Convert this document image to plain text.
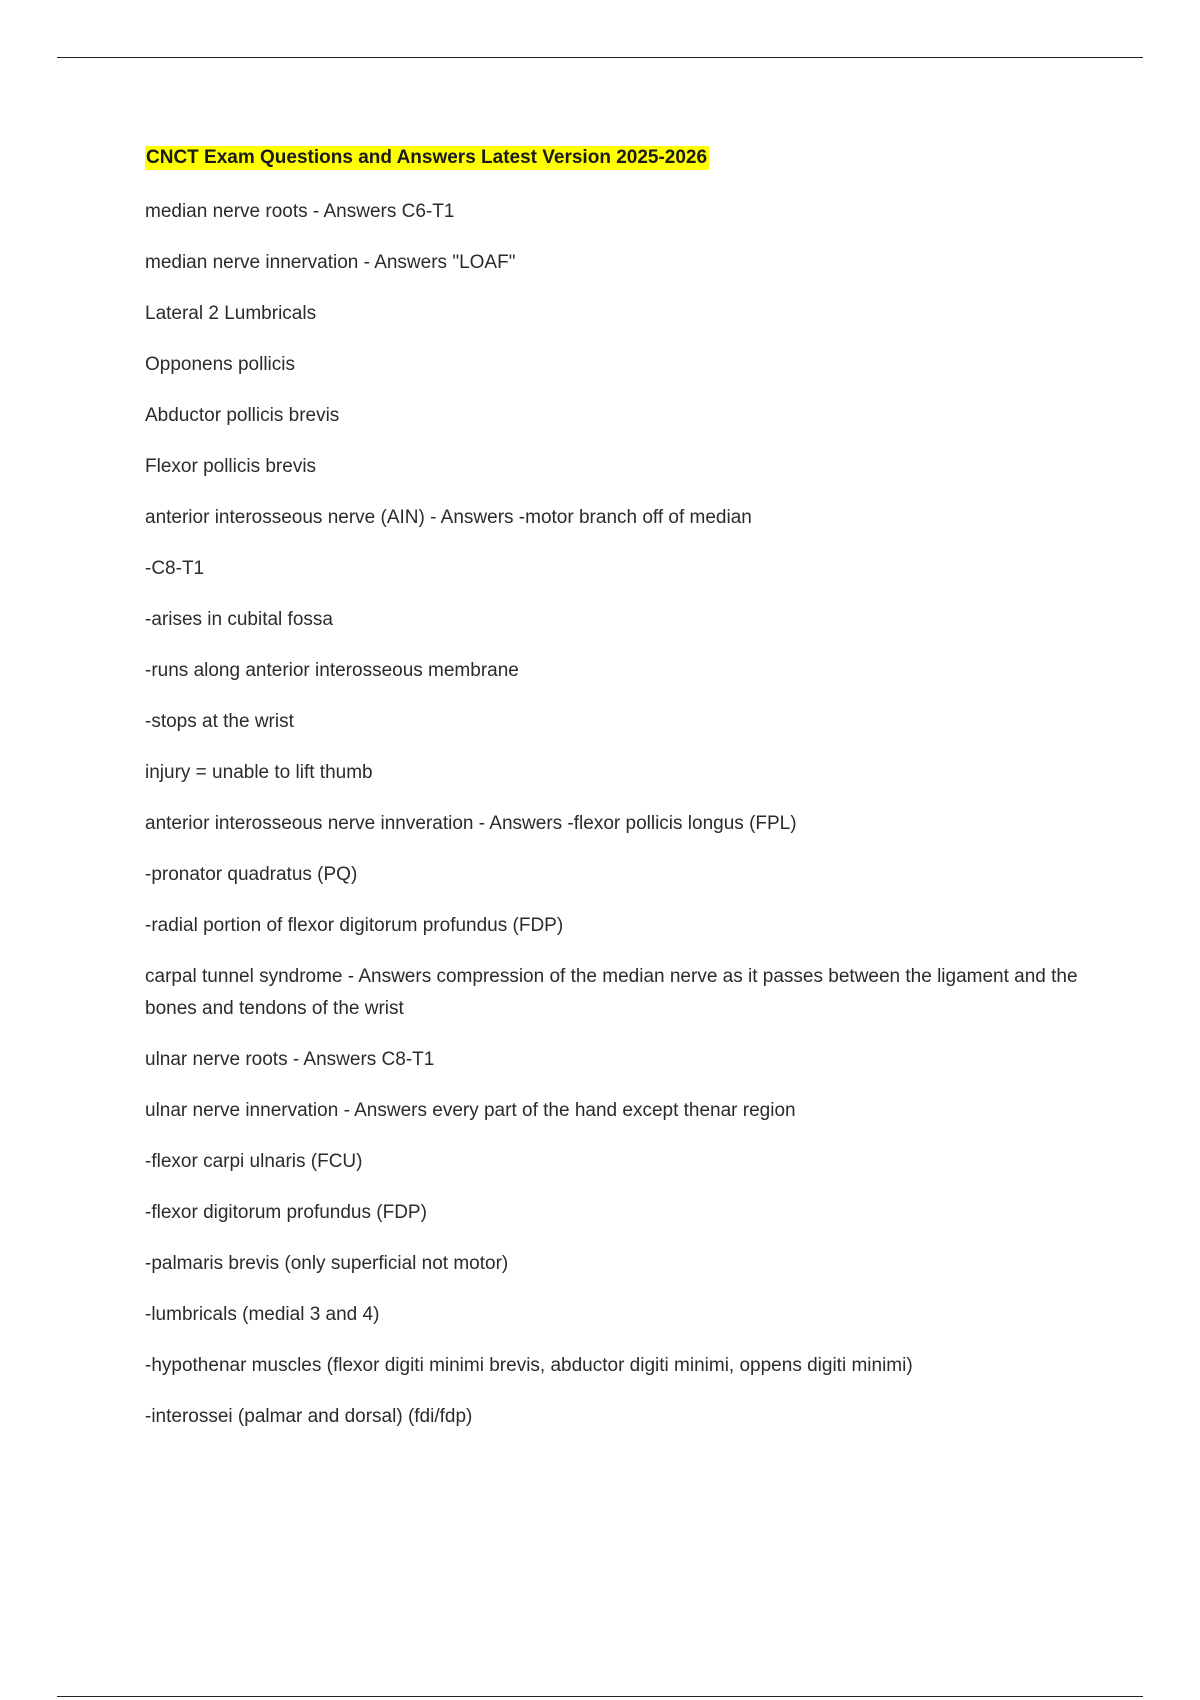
CNCT Exam Questions and Answers Latest Version 2025-2026

median nerve roots - Answers C6-T1
median nerve innervation - Answers "LOAF"
Lateral 2 Lumbricals
Opponens pollicis
Abductor pollicis brevis
Flexor pollicis brevis
anterior interosseous nerve (AIN) - Answers -motor branch off of median
-C8-T1
-arises in cubital fossa
-runs along anterior interosseous membrane
-stops at the wrist
injury = unable to lift thumb
anterior interosseous nerve innveration - Answers -flexor pollicis longus (FPL)
-pronator quadratus (PQ)
-radial portion of flexor digitorum profundus (FDP)
carpal tunnel syndrome - Answers compression of the median nerve as it passes between the ligament and the bones and tendons of the wrist
ulnar nerve roots - Answers C8-T1
ulnar nerve innervation - Answers every part of the hand except thenar region
-flexor carpi ulnaris (FCU)
-flexor digitorum profundus (FDP)
-palmaris brevis (only superficial not motor)
-lumbricals (medial 3 and 4)
-hypothenar muscles (flexor digiti minimi brevis, abductor digiti minimi, oppens digiti minimi)
-interossei (palmar and dorsal) (fdi/fdp)
